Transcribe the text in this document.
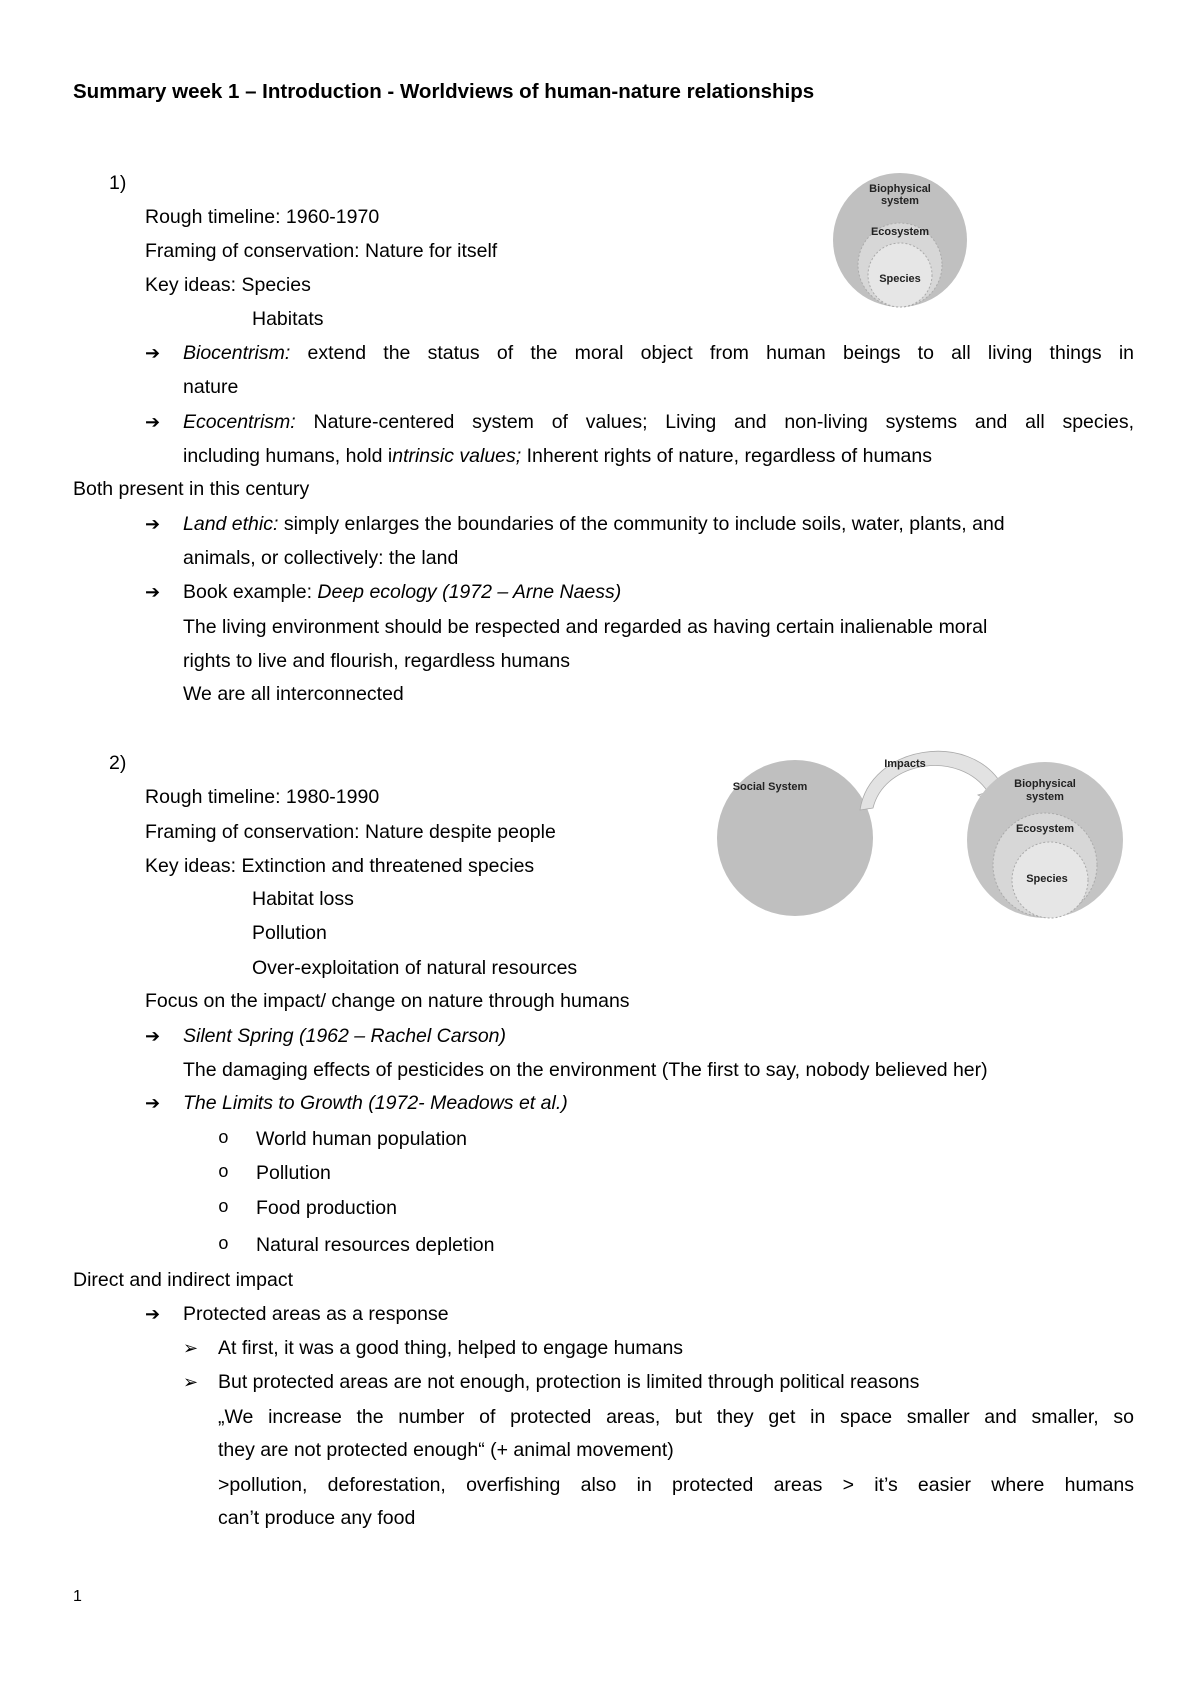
Summary week 1 – Introduction - Worldviews of human-nature relationships
1)
Rough timeline: 1960-1970
Framing of conservation: Nature for itself
Key ideas: Species
Habitats
➔ Biocentrism: extend the status of the moral object from human beings to all living things in
nature
➔ Ecocentrism: Nature-centered system of values; Living and non-living systems and all species,
including humans, hold intrinsic values; Inherent rights of nature, regardless of humans
Both present in this century
➔ Land ethic: simply enlarges the boundaries of the community to include soils, water, plants, and
animals, or collectively: the land
➔ Book example: Deep ecology (1972 – Arne Naess)
The living environment should be respected and regarded as having certain inalienable moral
rights to live and flourish, regardless humans
We are all interconnected
Biophysical
system
Ecosystem
Species
2)
Rough timeline: 1980-1990
Framing of conservation: Nature despite people
Key ideas: Extinction and threatened species
Habitat loss
Pollution
Over-exploitation of natural resources
Focus on the impact/ change on nature through humans
➔ Silent Spring (1962 – Rachel Carson)
The damaging effects of pesticides on the environment (The first to say, nobody believed her)
➔ The Limits to Growth (1972- Meadows et al.)
o World human population
o Pollution
o Food production
o Natural resources depletion
Direct and indirect impact
➔ Protected areas as a response
➢ At first, it was a good thing, helped to engage humans
➢ But protected areas are not enough, protection is limited through political reasons
„We increase the number of protected areas, but they get in space smaller and smaller, so
they are not protected enough“ (+ animal movement)
>pollution, deforestation, overfishing also in protected areas > it’s easier where humans
can’t produce any food
Social System
Impacts
Biophysical
system
Ecosystem
Species
1
